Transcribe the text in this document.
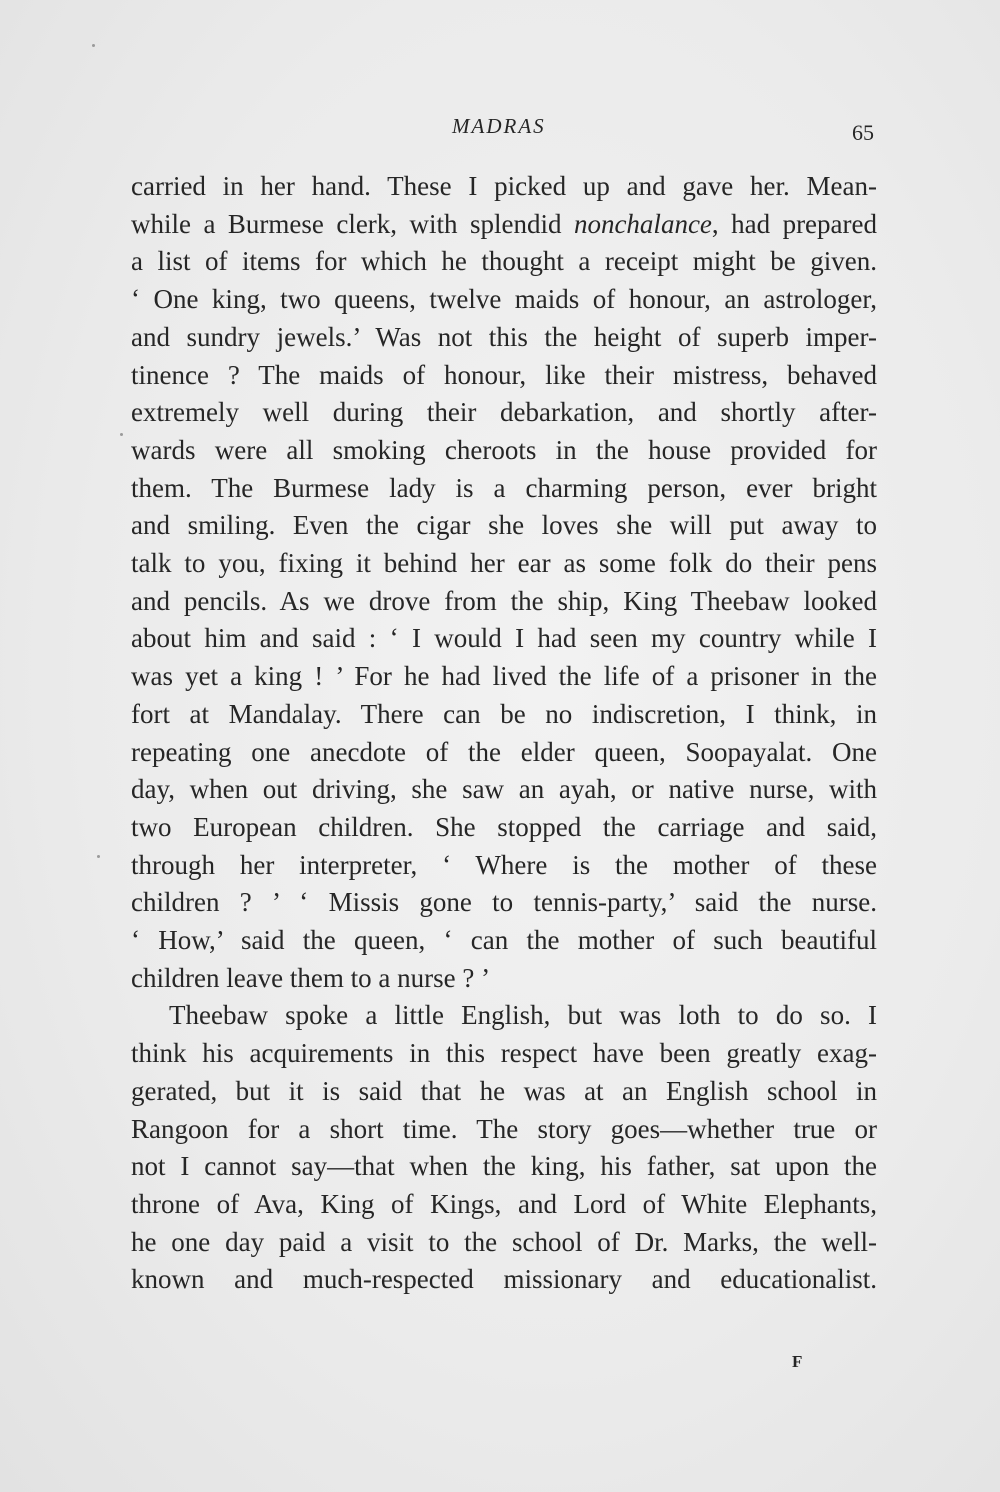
MADRAS	65

carried in her hand. These I picked up and gave her. Mean-
while a Burmese clerk, with splendid nonchalance, had prepared
a list of items for which he thought a receipt might be given.
‘ One king, two queens, twelve maids of honour, an astrologer,
and sundry jewels.’ Was not this the height of superb imper-
tinence ? The maids of honour, like their mistress, behaved
extremely well during their debarkation, and shortly after-
wards were all smoking cheroots in the house provided for
them. The Burmese lady is a charming person, ever bright
and smiling. Even the cigar she loves she will put away to
talk to you, fixing it behind her ear as some folk do their pens
and pencils. As we drove from the ship, King Theebaw looked
about him and said : ‘ I would I had seen my country while I
was yet a king ! ’ For he had lived the life of a prisoner in the
fort at Mandalay. There can be no indiscretion, I think, in
repeating one anecdote of the elder queen, Soopayalat. One
day, when out driving, she saw an ayah, or native nurse, with
two European children. She stopped the carriage and said,
through her interpreter, ‘ Where is the mother of these
children ? ’ ‘ Missis gone to tennis-party,’ said the nurse.
‘ How,’ said the queen, ‘ can the mother of such beautiful
children leave them to a nurse ? ’

Theebaw spoke a little English, but was loth to do so. I
think his acquirements in this respect have been greatly exag-
gerated, but it is said that he was at an English school in
Rangoon for a short time. The story goes—whether true or
not I cannot say—that when the king, his father, sat upon the
throne of Ava, King of Kings, and Lord of White Elephants,
he one day paid a visit to the school of Dr. Marks, the well-
known and much-respected missionary and educationalist.

F
